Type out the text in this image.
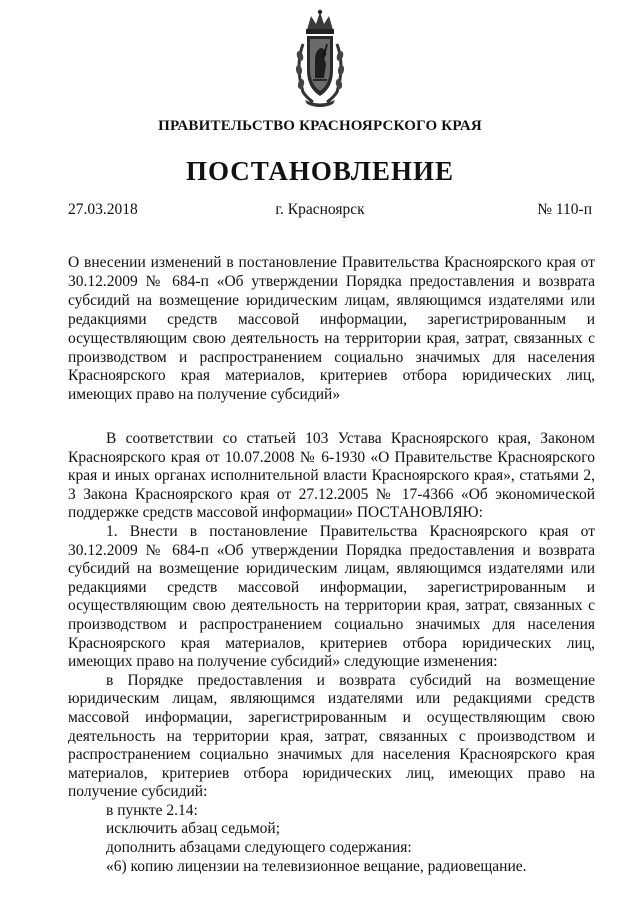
ПРАВИТЕЛЬСТВО КРАСНОЯРСКОГО КРАЯ
ПОСТАНОВЛЕНИЕ
27.03.2018	г. Красноярск	№ 110-п
О внесении изменений в постановление Правительства Красноярского края от 30.12.2009 № 684-п «Об утверждении Порядка предоставления и возврата субсидий на возмещение юридическим лицам, являющимся издателями или редакциями средств массовой информации, зарегистрированным и осуществляющим свою деятельность на территории края, затрат, связанных с производством и распространением социально значимых для населения Красноярского края материалов, критериев отбора юридических лиц, имеющих право на получение субсидий»

В соответствии со статьей 103 Устава Красноярского края, Законом Красноярского края от 10.07.2008 № 6-1930 «О Правительстве Красноярского края и иных органах исполнительной власти Красноярского края», статьями 2, 3 Закона Красноярского края от 27.12.2005 № 17-4366 «Об экономической поддержке средств массовой информации» ПОСТАНОВЛЯЮ:

1. Внести в постановление Правительства Красноярского края от 30.12.2009 № 684-п «Об утверждении Порядка предоставления и возврата субсидий на возмещение юридическим лицам, являющимся издателями или редакциями средств массовой информации, зарегистрированным и осуществляющим свою деятельность на территории края, затрат, связанных с производством и распространением социально значимых для населения Красноярского края материалов, критериев отбора юридических лиц, имеющих право на получение субсидий» следующие изменения:

в Порядке предоставления и возврата субсидий на возмещение юридическим лицам, являющимся издателями или редакциями средств массовой информации, зарегистрированным и осуществляющим свою деятельность на территории края, затрат, связанных с производством и распространением социально значимых для населения Красноярского края материалов, критериев отбора юридических лиц, имеющих право на получение субсидий:

в пункте 2.14:

исключить абзац седьмой;

дополнить абзацами следующего содержания:

«6) копию лицензии на телевизионное вещание, радиовещание.
